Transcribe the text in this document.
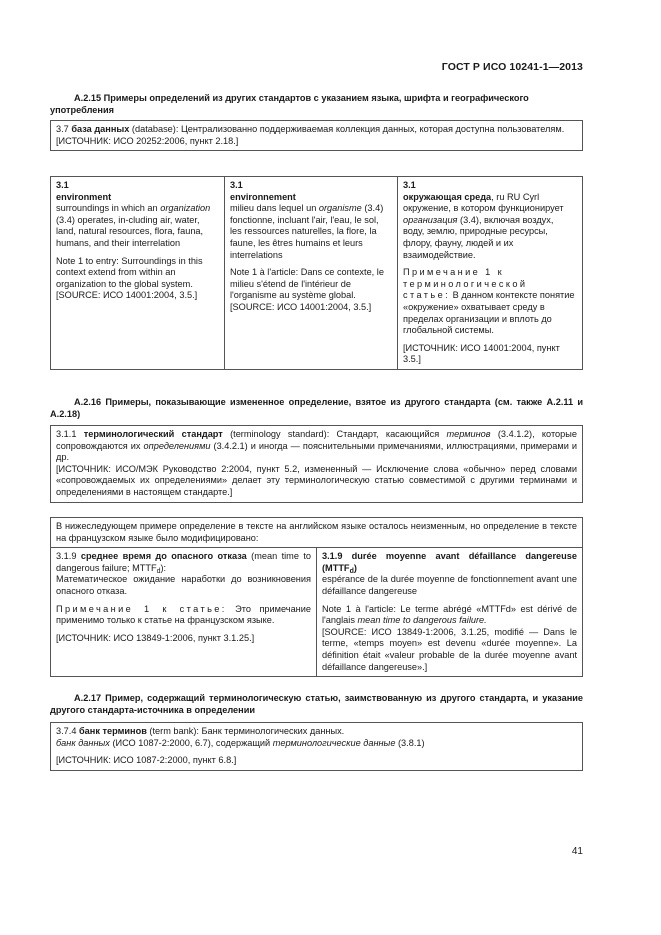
ГОСТ Р ИСО 10241-1—2013
А.2.15 Примеры определений из других стандартов с указанием языка, шрифта и географического употребления
3.7 база данных (database): Централизованно поддерживаемая коллекция данных, которая доступна пользователям.
[ИСТОЧНИК: ИСО 20252:2006, пункт 2.18.]
3.1
environment
surroundings in which an organization (3.4) operates, in-cluding air, water, land, natural resources, flora, fauna, humans, and their interrelation
Note 1 to entry: Surroundings in this context extend from within an organization to the global system.
[SOURCE: ИСО 14001:2004, 3.5.]
3.1
environnement
milieu dans lequel un organisme (3.4) fonctionne, incluant l'air, l'eau, le sol, les ressources naturelles, la flore, la faune, les êtres humains et leurs interrelations
Note 1 à l'article: Dans ce contexte, le milieu s'étend de l'intérieur de l'organisme au système global.
[SOURCE: ИСО 14001:2004, 3.5.]
3.1
окружающая среда, ru RU Cyrl
окружение, в котором функционирует организация (3.4), включая воздух, воду, землю, природные ресурсы, флору, фауну, людей и их взаимодействие.
Примечание 1 к терминологической статье: В данном контексте понятие «окружение» охватывает среду в пределах организации и вплоть до глобальной системы.
[ИСТОЧНИК: ИСО 14001:2004, пункт 3.5.]
А.2.16 Примеры, показывающие измененное определение, взятое из другого стандарта (см. также А.2.11 и А.2.18)
3.1.1 терминологический стандарт (terminology standard): Стандарт, касающийся терминов (3.4.1.2), которые сопровождаются их определениями (3.4.2.1) и иногда — пояснительными примечаниями, иллюстрациями, примерами и др.
[ИСТОЧНИК: ИСО/МЭК Руководство 2:2004, пункт 5.2, измененный — Исключение слова «обычно» перед словами «сопровождаемых их определениями» делает эту терминологическую статью совместимой с другими терминами и определениями в настоящем стандарте.]
В нижеследующем примере определение в тексте на английском языке осталось неизменным, но определение в тексте на французском языке было модифицировано:
3.1.9 среднее время до опасного отказа (mean time to dangerous failure; $MTTF_d$):
Математическое ожидание наработки до возникновения опасного отказа.
Примечание 1 к статье: Это примечание применимо только к статье на французском языке.
[ИСТОЧНИК: ИСО 13849-1:2006, пункт 3.1.25.]
3.1.9 durée moyenne avant défaillance dangereuse $(MTTF_d)$
espérance de la durée moyenne de fonctionnement avant une défaillance dangereuse
Note 1 à l'article: Le terme abrégé «MTTFd» est dérivé de l'anglais mean time to dangerous failure.
[SOURCE: ИСО 13849-1:2006, 3.1.25, modifié — Dans le terme, «temps moyen» est devenu «durée moyenne». La définition était «valeur probable de la durée moyenne avant défaillance dangereuse».]
А.2.17 Пример, содержащий терминологическую статью, заимствованную из другого стандарта, и указание другого стандарта-источника в определении
3.7.4 банк терминов (term bank): Банк терминологических данных.
банк данных (ИСО 1087-2:2000, 6.7), содержащий терминологические данные (3.8.1)
[ИСТОЧНИК: ИСО 1087-2:2000, пункт 6.8.]
41
